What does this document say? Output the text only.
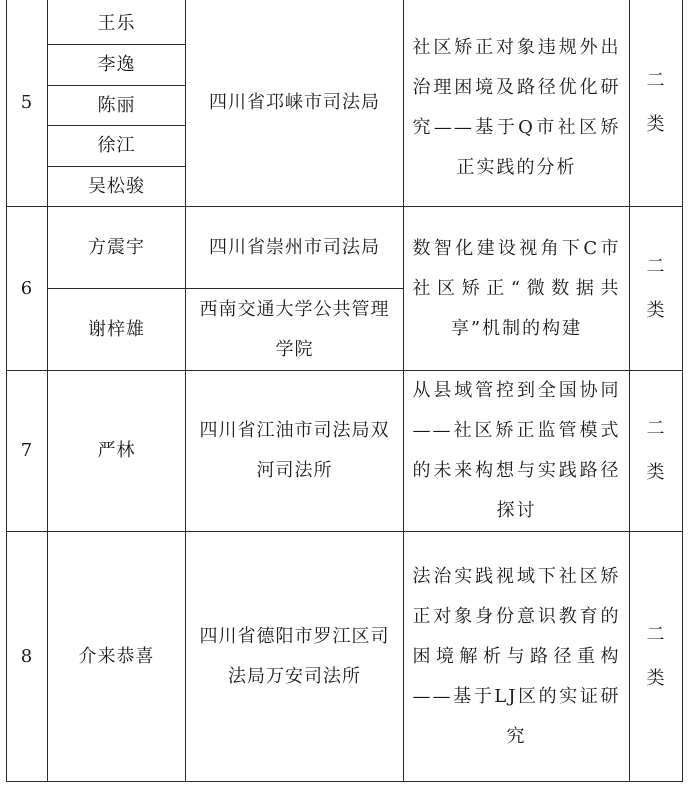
5
王乐
李逸
陈丽
徐江
吴松骏
四川省邛崃市司法局
社区矫正对象违规外出治理困境及路径优化研究——基于Q市社区矫正实践的分析
二类
6
方震宇
谢梓雄
四川省崇州市司法局
西南交通大学公共管理学院
数智化建设视角下C市社区矫正“微数据共享”机制的构建
二类
7	严林
四川省江油市司法局双河司法所
从县域管控到全国协同——社区矫正监管模式的未来构想与实践路径探讨
二类
8	介来恭喜
四川省德阳市罗江区司法局万安司法所
法治实践视域下社区矫正对象身份意识教育的困境解析与路径重构——基于LJ区的实证研究
二类
